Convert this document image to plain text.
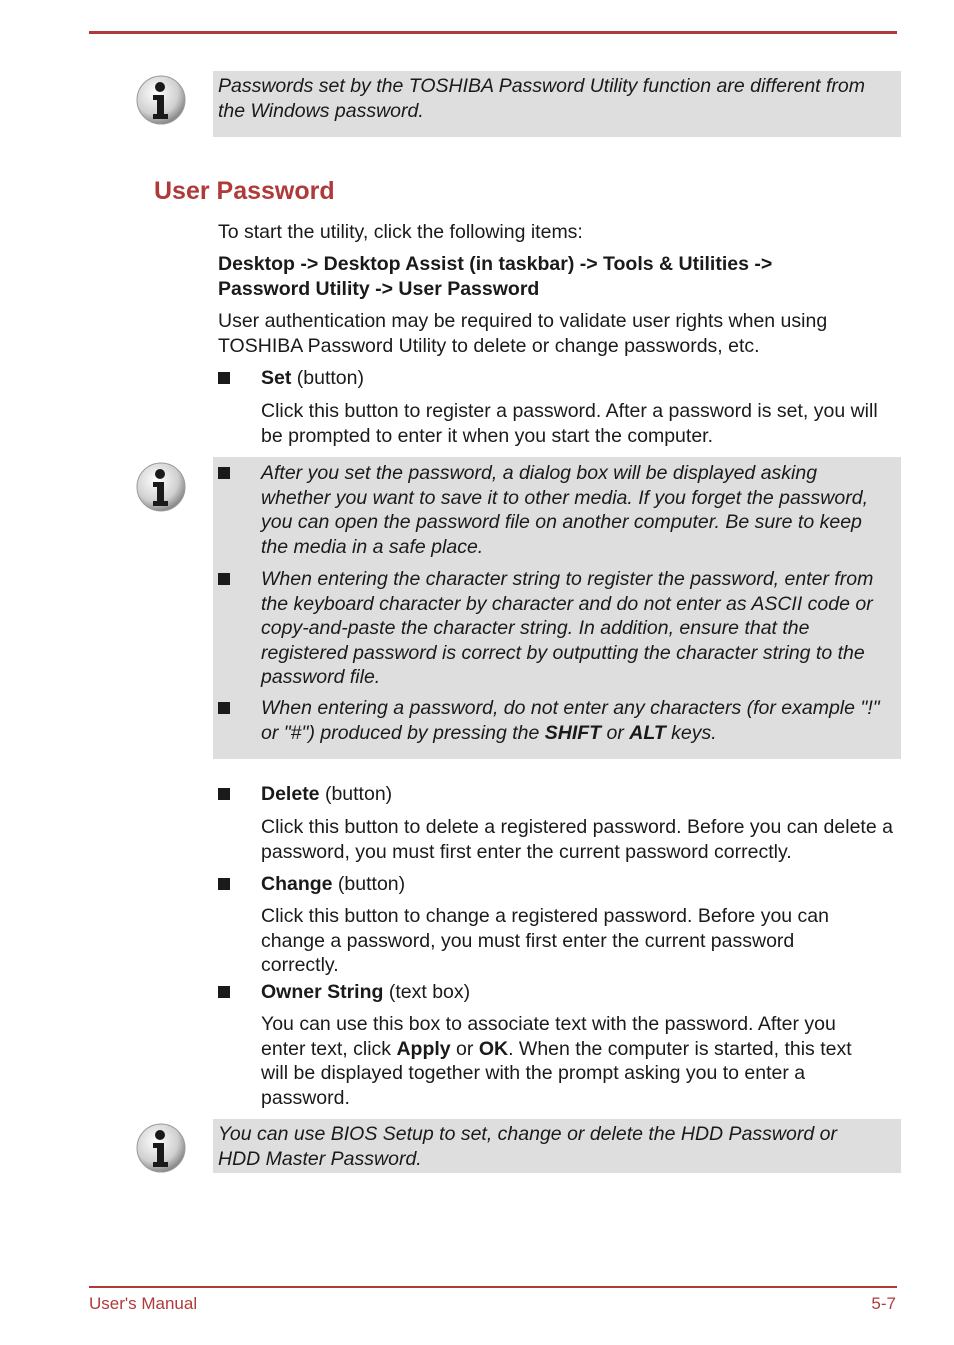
Passwords set by the TOSHIBA Password Utility function are different from the Windows password.
User Password

To start the utility, click the following items:

Desktop -> Desktop Assist (in taskbar) -> Tools & Utilities ->

Password Utility -> User Password

User authentication may be required to validate user rights when using TOSHIBA Password Utility to delete or change passwords, etc.

Set (button)

Click this button to register a password. After a password is set, you will be prompted to enter it when you start the computer.

After you set the password, a dialog box will be displayed asking whether you want to save it to other media. If you forget the password, you can open the password file on another computer. Be sure to keep the media in a safe place.

When entering the character string to register the password, enter from the keyboard character by character and do not enter as ASCII code or copy-and-paste the character string. In addition, ensure that the registered password is correct by outputting the character string to the password file.

When entering a password, do not enter any characters (for example "!" or "#") produced by pressing the SHIFT or ALT keys.

Delete (button)

Click this button to delete a registered password. Before you can delete a password, you must first enter the current password correctly.

Change (button)

Click this button to change a registered password. Before you can change a password, you must first enter the current password correctly.

Owner String (text box)

You can use this box to associate text with the password. After you enter text, click Apply or OK. When the computer is started, this text will be displayed together with the prompt asking you to enter a password.

You can use BIOS Setup to set, change or delete the HDD Password or HDD Master Password.
User's Manual	5-7
